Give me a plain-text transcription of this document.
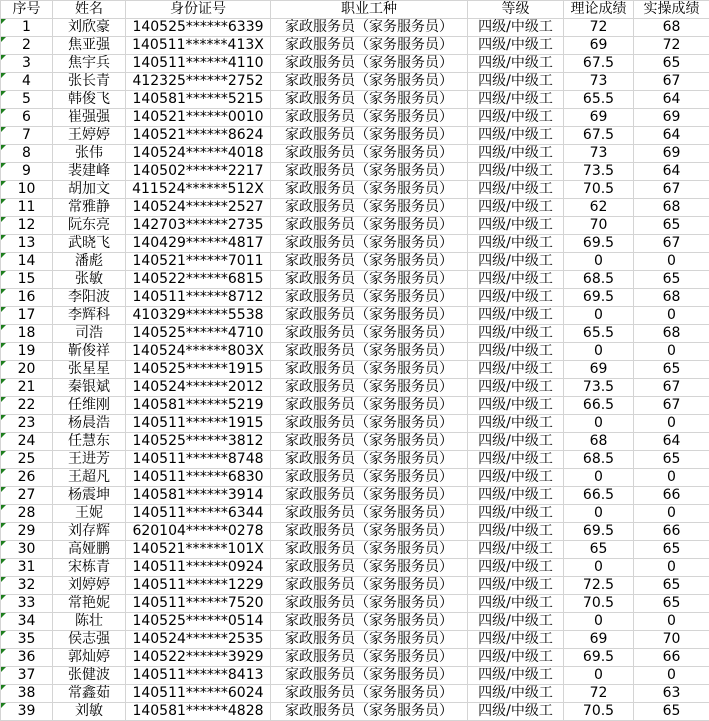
序号	姓名	身份证号	职业工种	等级	理论成绩	实操成绩

1	刘欣豪	140525******6339	家政服务员（家务服务员）	四级/中级工	72	68

2	焦亚强	140511******413X	家政服务员（家务服务员）	四级/中级工	69	72

3	焦宇兵	140511******4110	家政服务员（家务服务员）	四级/中级工	67.5	65

4	张长青	412325******2752	家政服务员（家务服务员）	四级/中级工	73	67

5	韩俊飞	140581******5215	家政服务员（家务服务员）	四级/中级工	65.5	64

6	崔强强	140521******0010	家政服务员（家务服务员）	四级/中级工	69	69

7	王婷婷	140521******8624	家政服务员（家务服务员）	四级/中级工	67.5	64

8	张伟	140524******4018	家政服务员（家务服务员）	四级/中级工	73	69

9	裴建峰	140502******2217	家政服务员（家务服务员）	四级/中级工	73.5	64

10	胡加文	411524******512X	家政服务员（家务服务员）	四级/中级工	70.5	67

11	常雅静	140524******2527	家政服务员（家务服务员）	四级/中级工	62	68

12	阮东亮	142703******2735	家政服务员（家务服务员）	四级/中级工	70	65

13	武晓飞	140429******4817	家政服务员（家务服务员）	四级/中级工	69.5	67

14	潘彪	140521******7011	家政服务员（家务服务员）	四级/中级工	0	0

15	张敏	140522******6815	家政服务员（家务服务员）	四级/中级工	68.5	65

16	李阳波	140511******8712	家政服务员（家务服务员）	四级/中级工	69.5	68

17	李辉科	410329******5538	家政服务员（家务服务员）	四级/中级工	0	0

18	司浩	140525******4710	家政服务员（家务服务员）	四级/中级工	65.5	68

19	靳俊祥	140524******803X	家政服务员（家务服务员）	四级/中级工	0	0

20	张星星	140525******1915	家政服务员（家务服务员）	四级/中级工	69	65

21	秦银斌	140524******2012	家政服务员（家务服务员）	四级/中级工	73.5	67

22	任维刚	140581******5219	家政服务员（家务服务员）	四级/中级工	66.5	67

23	杨晨浩	140511******1915	家政服务员（家务服务员）	四级/中级工	0	0

24	任慧东	140525******3812	家政服务员（家务服务员）	四级/中级工	68	64

25	王进芳	140511******8748	家政服务员（家务服务员）	四级/中级工	68.5	65

26	王超凡	140511******6830	家政服务员（家务服务员）	四级/中级工	0	0

27	杨震坤	140581******3914	家政服务员（家务服务员）	四级/中级工	66.5	66

28	王妮	140511******6344	家政服务员（家务服务员）	四级/中级工	0	0

29	刘存辉	620104******0278	家政服务员（家务服务员）	四级/中级工	69.5	66

30	高娅鹏	140521******101X	家政服务员（家务服务员）	四级/中级工	65	65

31	宋栋青	140511******0924	家政服务员（家务服务员）	四级/中级工	0	0

32	刘婷婷	140511******1229	家政服务员（家务服务员）	四级/中级工	72.5	65

33	常艳妮	140511******7520	家政服务员（家务服务员）	四级/中级工	70.5	65

34	陈壮	140525******0514	家政服务员（家务服务员）	四级/中级工	0	0

35	侯志强	140524******2535	家政服务员（家务服务员）	四级/中级工	69	70

36	郭灿婷	140522******3929	家政服务员（家务服务员）	四级/中级工	69.5	66

37	张健波	140511******8413	家政服务员（家务服务员）	四级/中级工	0	0

38	常鑫茹	140511******6024	家政服务员（家务服务员）	四级/中级工	72	63

39	刘敏	140581******4828	家政服务员（家务服务员）	四级/中级工	70.5	65
